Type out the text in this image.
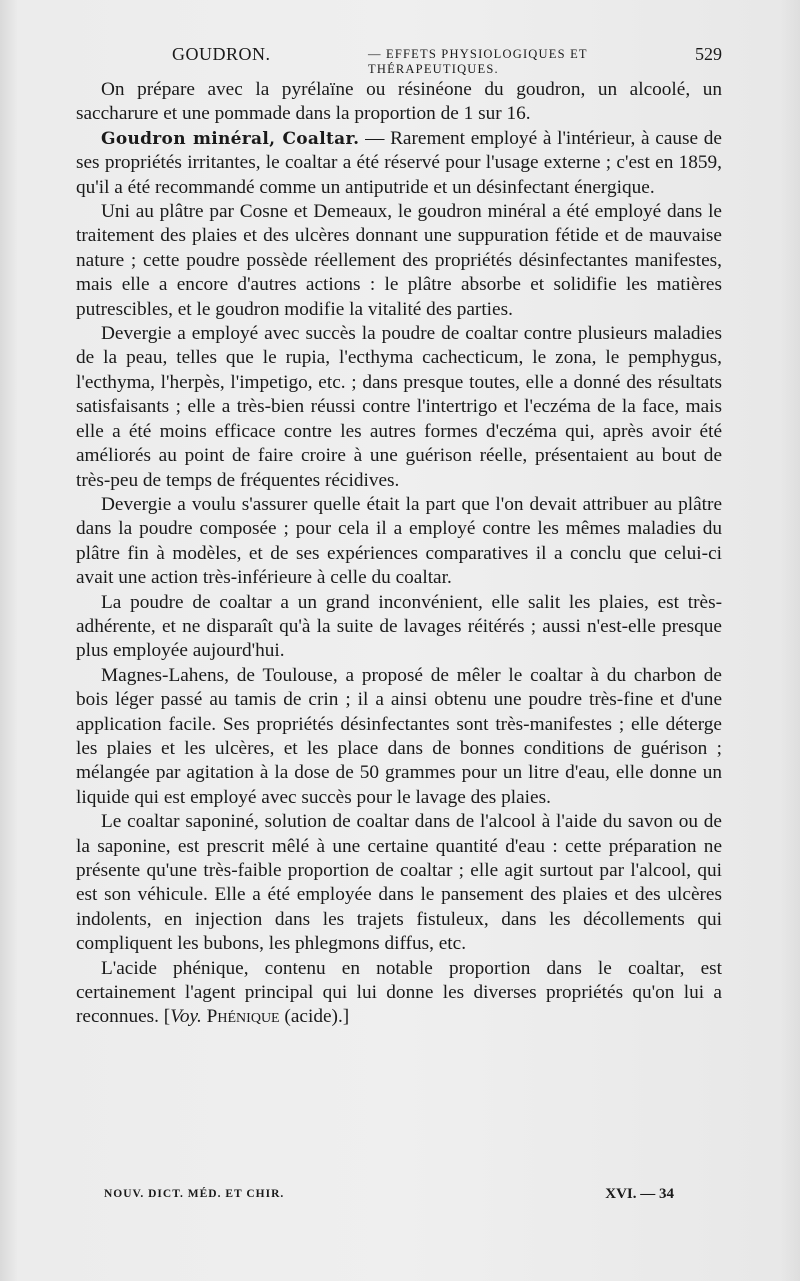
GOUDRON.	— EFFETS PHYSIOLOGIQUES ET THÉRAPEUTIQUES.
529

On prépare avec la pyrélaïne ou résinéone du goudron, un alcoolé, un saccharure et une pommade dans la proportion de 1 sur 16.

Goudron minéral, Coaltar. — Rarement employé à l'intérieur, à cause de ses propriétés irritantes, le coaltar a été réservé pour l'usage externe ; c'est en 1859, qu'il a été recommandé comme un antiputride et un désinfectant énergique.

Uni au plâtre par Cosne et Demeaux, le goudron minéral a été employé dans le traitement des plaies et des ulcères donnant une suppuration fétide et de mauvaise nature ; cette poudre possède réellement des propriétés désinfectantes manifestes, mais elle a encore d'autres actions : le plâtre absorbe et solidifie les matières putrescibles, et le goudron modifie la vitalité des parties.

Devergie a employé avec succès la poudre de coaltar contre plusieurs maladies de la peau, telles que le rupia, l'ecthyma cachecticum, le zona, le pemphygus, l'ecthyma, l'herpès, l'impetigo, etc. ; dans presque toutes, elle a donné des résultats satisfaisants ; elle a très-bien réussi contre l'intertrigo et l'eczéma de la face, mais elle a été moins efficace contre les autres formes d'eczéma qui, après avoir été améliorés au point de faire croire à une guérison réelle, présentaient au bout de très-peu de temps de fréquentes récidives.

Devergie a voulu s'assurer quelle était la part que l'on devait attribuer au plâtre dans la poudre composée ; pour cela il a employé contre les mêmes maladies du plâtre fin à modèles, et de ses expériences comparatives il a conclu que celui-ci avait une action très-inférieure à celle du coaltar.

La poudre de coaltar a un grand inconvénient, elle salit les plaies, est très-adhérente, et ne disparaît qu'à la suite de lavages réitérés ; aussi n'est-elle presque plus employée aujourd'hui.

Magnes-Lahens, de Toulouse, a proposé de mêler le coaltar à du charbon de bois léger passé au tamis de crin ; il a ainsi obtenu une poudre très-fine et d'une application facile. Ses propriétés désinfectantes sont très-manifestes ; elle déterge les plaies et les ulcères, et les place dans de bonnes conditions de guérison ; mélangée par agitation à la dose de 50 grammes pour un litre d'eau, elle donne un liquide qui est employé avec succès pour le lavage des plaies.

Le coaltar saponiné, solution de coaltar dans de l'alcool à l'aide du savon ou de la saponine, est prescrit mêlé à une certaine quantité d'eau : cette préparation ne présente qu'une très-faible proportion de coaltar ; elle agit surtout par l'alcool, qui est son véhicule. Elle a été employée dans le pansement des plaies et des ulcères indolents, en injection dans les trajets fistuleux, dans les décollements qui compliquent les bubons, les phlegmons diffus, etc.

L'acide phénique, contenu en notable proportion dans le coaltar, est certainement l'agent principal qui lui donne les diverses propriétés qu'on lui a reconnues. [Voy. Phénique (acide).]

NOUV. DICT. MÉD. ET CHIR.	XVI. — 34
